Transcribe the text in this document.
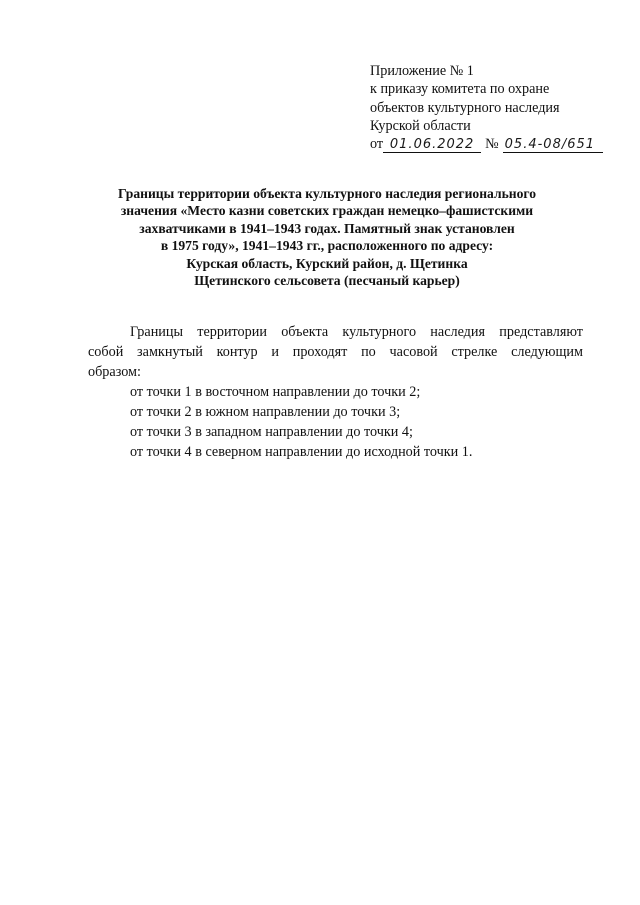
Приложение № 1
к приказу комитета по охране
объектов культурного наследия
Курской области
от 01.06.2022 № 05.4-08/651
Границы территории объекта культурного наследия регионального
значения «Место казни советских граждан немецко–фашистскими
захватчиками в 1941–1943 годах. Памятный знак установлен
в 1975 году», 1941–1943 гг., расположенного по адресу:
Курская область, Курский район, д. Щетинка
Щетинского сельсовета (песчаный карьер)
Границы территории объекта культурного наследия представляют
собой замкнутый контур и проходят по часовой стрелке следующим
образом:
от точки 1 в восточном направлении до точки 2;
от точки 2 в южном направлении до точки 3;
от точки 3 в западном направлении до точки 4;
от точки 4 в северном направлении до исходной точки 1.
